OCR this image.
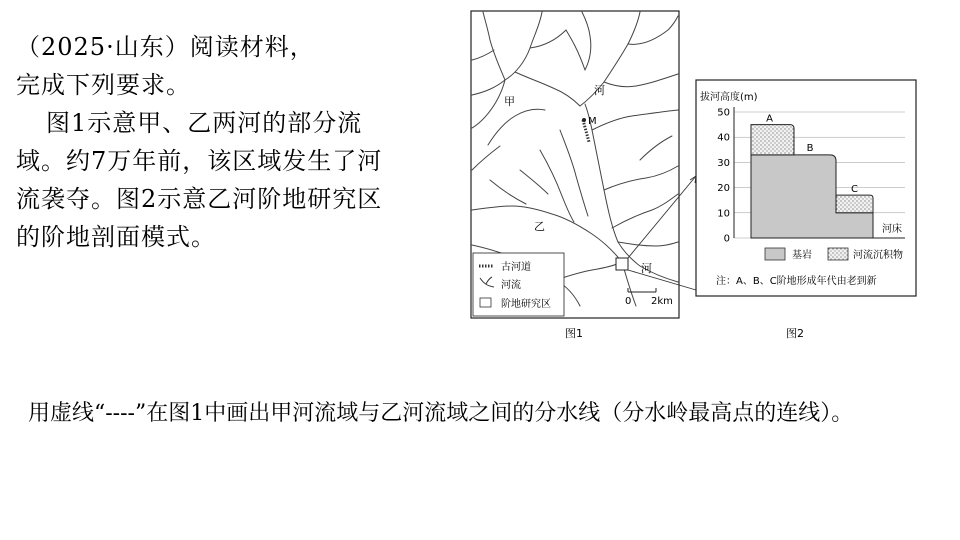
（2025·山东）阅读材料，

完成下列要求。

图1示意甲、乙两河的部分流域。约7万年前，该区域发生了河流袭夺。图2示意乙河阶地研究区的阶地剖面模式。

M
甲
河
乙
河
古河道
河流
阶地研究区	0 2km
图1
拔河高度(m)
50
40
30
20
10
0
A
B
C
河床
基岩	河流沉积物
注：A、B、C阶地形成年代由老到新
图2
用虚线“----”在图1中画出甲河流域与乙河流域之间的分水线（分水岭最高点的连线）。
